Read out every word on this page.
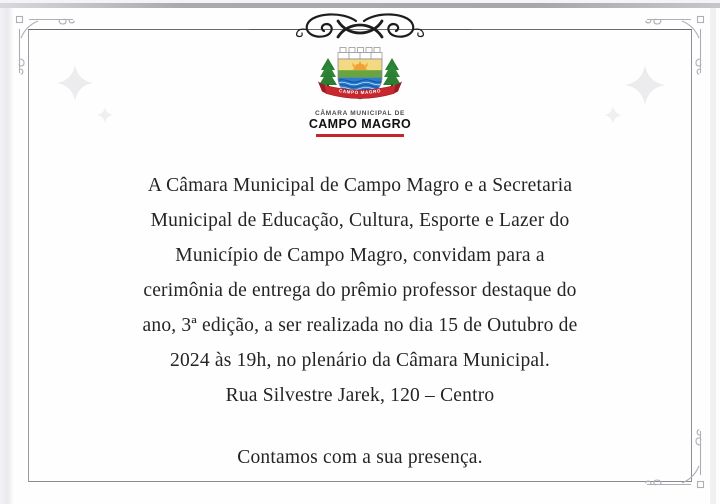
CAMPO MAGRO
CÂMARA MUNICIPAL DE
CAMPO MAGRO
A Câmara Municipal de Campo Magro e a Secretaria
Municipal de Educação, Cultura, Esporte e Lazer do
Município de Campo Magro, convidam para a
cerimônia de entrega do prêmio professor destaque do
ano, 3ª edição, a ser realizada no dia 15 de Outubro de
2024 às 19h, no plenário da Câmara Municipal.
Rua Silvestre Jarek, 120 – Centro
Contamos com a sua presença.
